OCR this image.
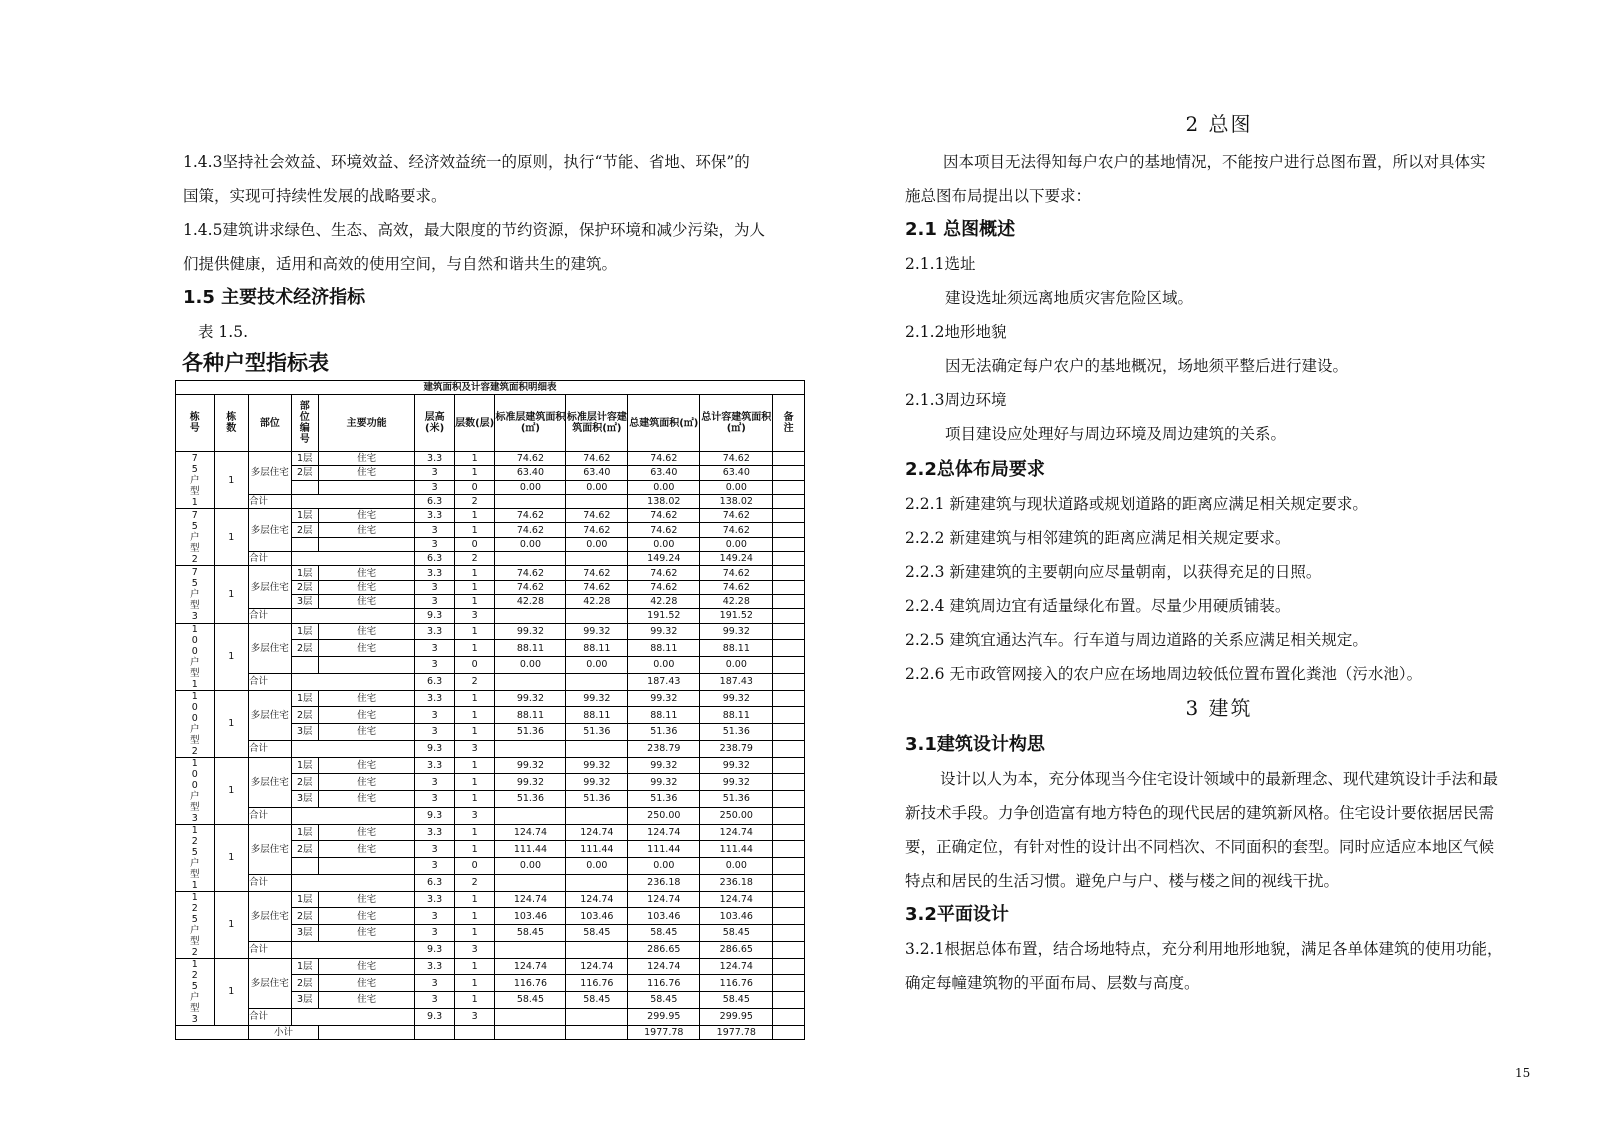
1.4.3坚持社会效益、环境效益、经济效益统一的原则，执行“节能、省地、环保”的
国策，实现可持续性发展的战略要求。
1.4.5建筑讲求绿色、生态、高效，最大限度的节约资源，保护环境和减少污染，为人
们提供健康，适用和高效的使用空间，与自然和谐共生的建筑。
1.5 主要技术经济指标
表 1.5.
各种户型指标表
建筑面积及计容建筑面积明细表											
栋号	栋数	部位	部位编号	主要功能	层高(米)	层数(层)	标准层建筑面积(㎡)	标准层计容建筑面积(㎡)	总建筑面积(㎡)	总计容建筑面积(㎡)	备注
75户型1	1	多层住宅	1层	住宅	3.3	1	74.62	74.62	74.62	74.62	
			2层	住宅	3	1	63.40	63.40	63.40	63.40	
					3	0	0.00	0.00	0.00	0.00	
		合计			6.3	2			138.02	138.02	
75户型2	1	多层住宅	1层	住宅	3.3	1	74.62	74.62	74.62	74.62	
			2层	住宅	3	1	74.62	74.62	74.62	74.62	
					3	0	0.00	0.00	0.00	0.00	
		合计			6.3	2			149.24	149.24	
75户型3	1	多层住宅	1层	住宅	3.3	1	74.62	74.62	74.62	74.62	
			2层	住宅	3	1	74.62	74.62	74.62	74.62	
			3层	住宅	3	1	42.28	42.28	42.28	42.28	
		合计			9.3	3			191.52	191.52	
100户型1	1	多层住宅	1层	住宅	3.3	1	99.32	99.32	99.32	99.32	
			2层	住宅	3	1	88.11	88.11	88.11	88.11	
					3	0	0.00	0.00	0.00	0.00	
		合计			6.3	2			187.43	187.43	
100户型2	1	多层住宅	1层	住宅	3.3	1	99.32	99.32	99.32	99.32	
			2层	住宅	3	1	88.11	88.11	88.11	88.11	
			3层	住宅	3	1	51.36	51.36	51.36	51.36	
		合计			9.3	3			238.79	238.79	
100户型3	1	多层住宅	1层	住宅	3.3	1	99.32	99.32	99.32	99.32	
			2层	住宅	3	1	99.32	99.32	99.32	99.32	
			3层	住宅	3	1	51.36	51.36	51.36	51.36	
		合计			9.3	3			250.00	250.00	
125户型1	1	多层住宅	1层	住宅	3.3	1	124.74	124.74	124.74	124.74	
			2层	住宅	3	1	111.44	111.44	111.44	111.44	
					3	0	0.00	0.00	0.00	0.00	
		合计			6.3	2			236.18	236.18	
125户型2	1	多层住宅	1层	住宅	3.3	1	124.74	124.74	124.74	124.74	
			2层	住宅	3	1	103.46	103.46	103.46	103.46	
			3层	住宅	3	1	58.45	58.45	58.45	58.45	
		合计			9.3	3			286.65	286.65	
125户型3	1	多层住宅	1层	住宅	3.3	1	124.74	124.74	124.74	124.74	
			2层	住宅	3	1	116.76	116.76	116.76	116.76	
			3层	住宅	3	1	58.45	58.45	58.45	58.45	
		合计			9.3	3			299.95	299.95	
		小计							1977.78	1977.78	
2 总图
因本项目无法得知每户农户的基地情况，不能按户进行总图布置，所以对具体实
施总图布局提出以下要求：
2.1 总图概述
2.1.1选址
建设选址须远离地质灾害危险区域。
2.1.2地形地貌
因无法确定每户农户的基地概况，场地须平整后进行建设。
2.1.3周边环境
项目建设应处理好与周边环境及周边建筑的关系。
2.2总体布局要求
2.2.1 新建建筑与现状道路或规划道路的距离应满足相关规定要求。
2.2.2 新建建筑与相邻建筑的距离应满足相关规定要求。
2.2.3 新建建筑的主要朝向应尽量朝南，以获得充足的日照。
2.2.4 建筑周边宜有适量绿化布置。尽量少用硬质铺装。
2.2.5 建筑宜通达汽车。行车道与周边道路的关系应满足相关规定。
2.2.6 无市政管网接入的农户应在场地周边较低位置布置化粪池（污水池）。
3 建筑
3.1建筑设计构思
设计以人为本，充分体现当今住宅设计领域中的最新理念、现代建筑设计手法和最
新技术手段。力争创造富有地方特色的现代民居的建筑新风格。住宅设计要依据居民需
要，正确定位，有针对性的设计出不同档次、不同面积的套型。同时应适应本地区气候
特点和居民的生活习惯。避免户与户、楼与楼之间的视线干扰。
3.2平面设计
3.2.1根据总体布置，结合场地特点，充分利用地形地貌，满足各单体建筑的使用功能，
确定每幢建筑物的平面布局、层数与高度。
15
